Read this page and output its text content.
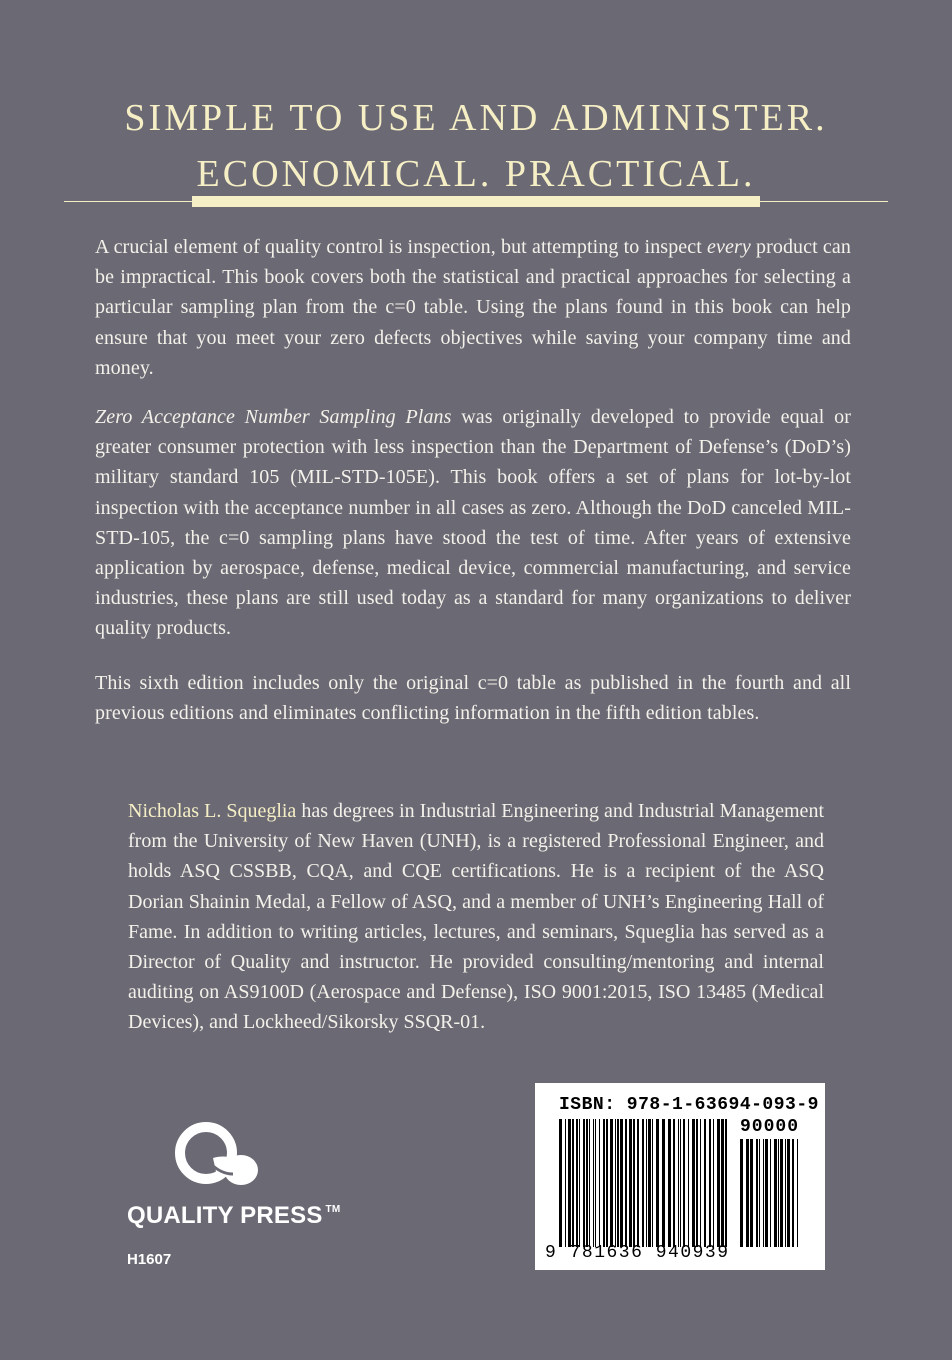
SIMPLE TO USE AND ADMINISTER.
ECONOMICAL. PRACTICAL.
A crucial element of quality control is inspection, but attempting to inspect every product can be impractical. This book covers both the statistical and practical approaches for selecting a particular sampling plan from the c=0 table. Using the plans found in this book can help ensure that you meet your zero defects objectives while saving your company time and money.
Zero Acceptance Number Sampling Plans was originally developed to provide equal or greater consumer protection with less inspection than the Department of Defense’s (DoD’s) military standard 105 (MIL-STD-105E). This book offers a set of plans for lot-by-lot inspection with the acceptance number in all cases as zero. Although the DoD canceled MIL-STD-105, the c=0 sampling plans have stood the test of time. After years of extensive application by aerospace, defense, medical device, commercial manufacturing, and service industries, these plans are still used today as a standard for many organizations to deliver quality products.
This sixth edition includes only the original c=0 table as published in the fourth and all previous editions and eliminates conflicting information in the fifth edition tables.
Nicholas L. Squeglia has degrees in Industrial Engineering and Industrial Management from the University of New Haven (UNH), is a registered Professional Engineer, and holds ASQ CSSBB, CQA, and CQE certifications. He is a recipient of the ASQ Dorian Shainin Medal, a Fellow of ASQ, and a member of UNH’s Engineering Hall of Fame. In addition to writing articles, lectures, and seminars, Squeglia has served as a Director of Quality and instructor. He provided consulting/mentoring and internal auditing on AS9100D (Aerospace and Defense), ISO 9001:2015, ISO 13485 (Medical Devices), and Lockheed/Sikorsky SSQR-01.
QUALITY PRESS ™
H1607
ISBN: 978-1-63694-093-9
90000
9 781636 940939
